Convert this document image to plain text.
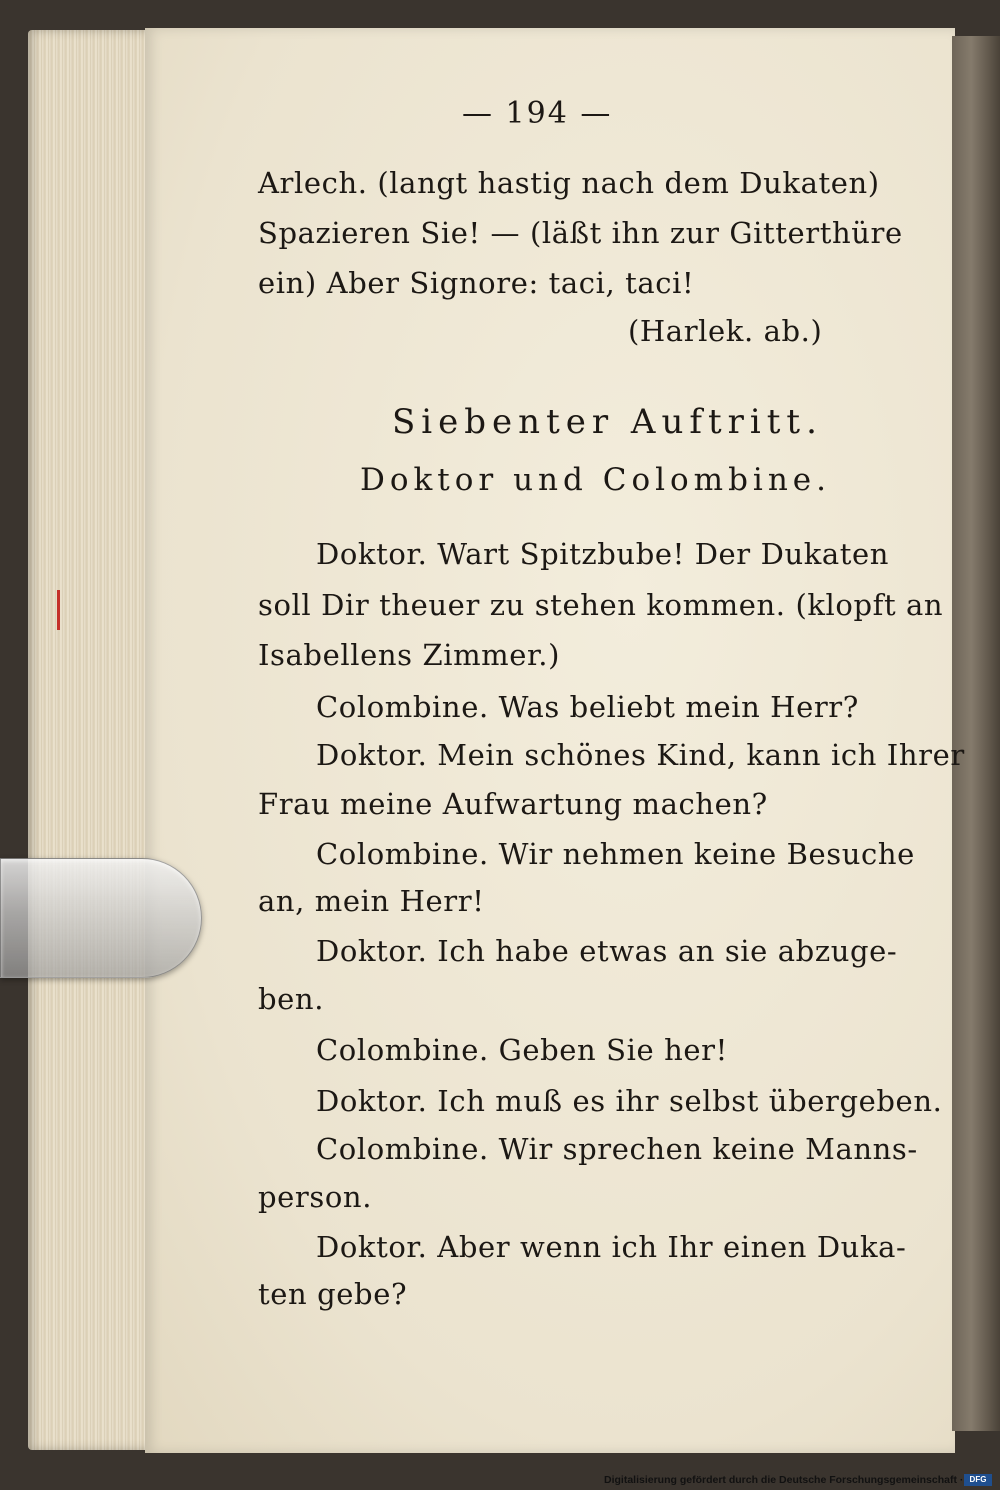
— 194 —
Arlech. (langt hastig nach dem Dukaten)
Spazieren Sie! — (läßt ihn zur Gitterthüre
ein) Aber Signore: taci, taci!
(Harlek. ab.)
Siebenter Auftritt.
Doktor und Colombine.
Doktor. Wart Spitzbube! Der Dukaten
soll Dir theuer zu stehen kommen. (klopft an
Isabellens Zimmer.)
Colombine. Was beliebt mein Herr?
Doktor. Mein schönes Kind, kann ich Ihrer
Frau meine Aufwartung machen?
Colombine. Wir nehmen keine Besuche
an, mein Herr!
Doktor. Ich habe etwas an sie abzuge-
ben.
Colombine. Geben Sie her!
Doktor. Ich muß es ihr selbst übergeben.
Colombine. Wir sprechen keine Manns-
person.
Doktor. Aber wenn ich Ihr einen Duka-
ten gebe?
Digitalisierung gefördert durch die Deutsche Forschungsgemeinschaft · DFG
